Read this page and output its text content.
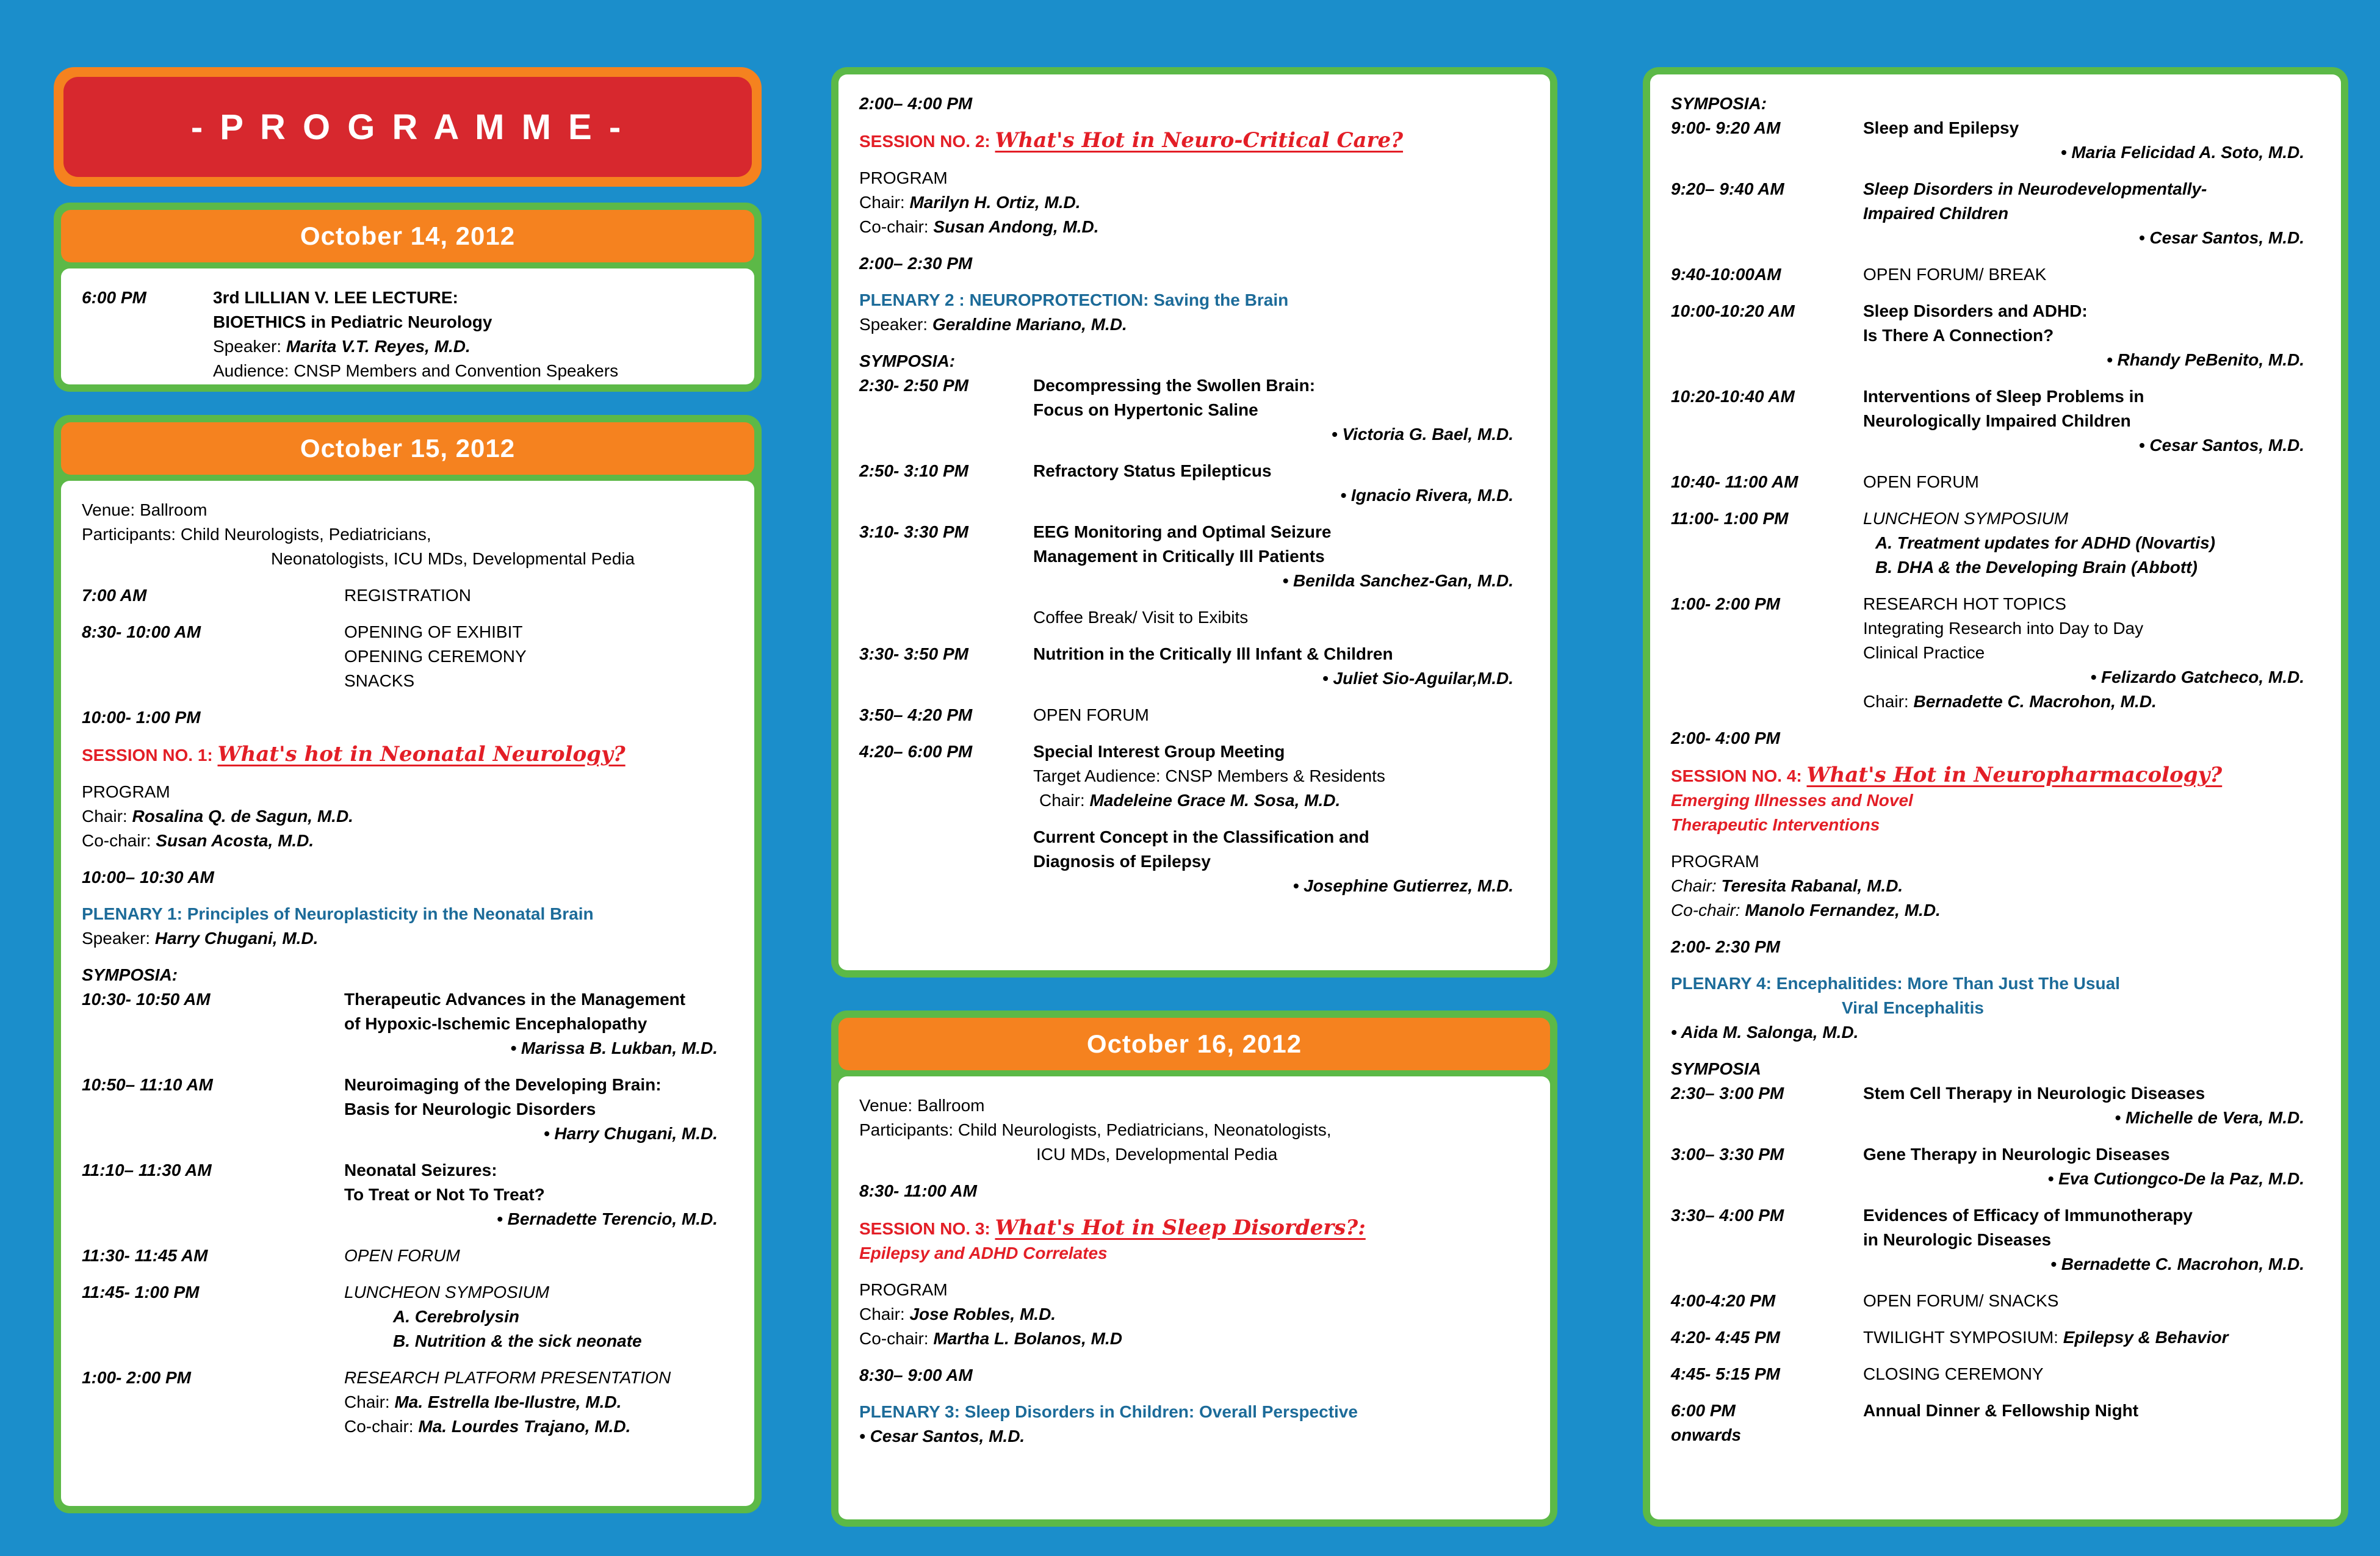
- P R O G R A M M E -
October 14, 2012
6:00 PM	3rd LILLIAN V. LEE LECTURE:
BIOETHICS in Pediatric Neurology
Speaker: Marita V.T. Reyes, M.D.
Audience: CNSP Members and Convention Speakers
October 15, 2012
Venue: Ballroom
Participants: Child Neurologists, Pediatricians,
Neonatologists, ICU MDs, Developmental Pedia
7:00 AM	REGISTRATION
8:30- 10:00 AM	OPENING OF EXHIBIT
OPENING CEREMONY
SNACKS
10:00- 1:00 PM
SESSION NO. 1: What's hot in Neonatal Neurology?
PROGRAM
Chair: Rosalina Q. de Sagun, M.D.
Co-chair: Susan Acosta, M.D.
10:00– 10:30 AM
PLENARY 1: Principles of Neuroplasticity in the Neonatal Brain
Speaker: Harry Chugani, M.D.
SYMPOSIA:
10:30- 10:50 AM	Therapeutic Advances in the Management
of Hypoxic-Ischemic Encephalopathy
• Marissa B. Lukban, M.D.
10:50– 11:10 AM	Neuroimaging of the Developing Brain:
Basis for Neurologic Disorders
• Harry Chugani, M.D.
11:10– 11:30 AM	Neonatal Seizures:
To Treat or Not To Treat?
• Bernadette Terencio, M.D.
11:30- 11:45 AM	OPEN FORUM
11:45- 1:00 PM	LUNCHEON SYMPOSIUM
A. Cerebrolysin
B. Nutrition & the sick neonate
1:00- 2:00 PM	RESEARCH PLATFORM PRESENTATION
Chair: Ma. Estrella Ibe-Ilustre, M.D.
Co-chair: Ma. Lourdes Trajano, M.D.
2:00– 4:00 PM
SESSION NO. 2: What's Hot in Neuro-Critical Care?
PROGRAM
Chair: Marilyn H. Ortiz, M.D.
Co-chair: Susan Andong, M.D.
2:00– 2:30 PM
PLENARY 2 : NEUROPROTECTION: Saving the Brain
Speaker: Geraldine Mariano, M.D.
SYMPOSIA:
2:30- 2:50 PM	Decompressing the Swollen Brain:
Focus on Hypertonic Saline
• Victoria G. Bael, M.D.
2:50- 3:10 PM	Refractory Status Epilepticus
• Ignacio Rivera, M.D.
3:10- 3:30 PM	EEG Monitoring and Optimal Seizure
Management in Critically Ill Patients
• Benilda Sanchez-Gan, M.D.
Coffee Break/ Visit to Exibits
3:30- 3:50 PM	Nutrition in the Critically Ill Infant & Children
• Juliet Sio-Aguilar,M.D.
3:50– 4:20 PM	OPEN FORUM
4:20– 6:00 PM	Special Interest Group Meeting
Target Audience: CNSP Members & Residents
Chair: Madeleine Grace M. Sosa, M.D.
Current Concept in the Classification and
Diagnosis of Epilepsy
• Josephine Gutierrez, M.D.
October 16, 2012
Venue: Ballroom
Participants: Child Neurologists, Pediatricians, Neonatologists,
ICU MDs, Developmental Pedia
8:30- 11:00 AM
SESSION NO. 3: What's Hot in Sleep Disorders?:
Epilepsy and ADHD Correlates
PROGRAM
Chair: Jose Robles, M.D.
Co-chair: Martha L. Bolanos, M.D
8:30– 9:00 AM
PLENARY 3: Sleep Disorders in Children: Overall Perspective
• Cesar Santos, M.D.
SYMPOSIA:
9:00- 9:20 AM	Sleep and Epilepsy
• Maria Felicidad A. Soto, M.D.
9:20– 9:40 AM	Sleep Disorders in Neurodevelopmentally-
Impaired Children
• Cesar Santos, M.D.
9:40-10:00AM	OPEN FORUM/ BREAK
10:00-10:20 AM	Sleep Disorders and ADHD:
Is There A Connection?
• Rhandy PeBenito, M.D.
10:20-10:40 AM	Interventions of Sleep Problems in
Neurologically Impaired Children
• Cesar Santos, M.D.
10:40- 11:00 AM	OPEN FORUM
11:00- 1:00 PM	LUNCHEON SYMPOSIUM
A. Treatment updates for ADHD (Novartis)
B. DHA & the Developing Brain (Abbott)
1:00- 2:00 PM	RESEARCH HOT TOPICS
Integrating Research into Day to Day
Clinical Practice
• Felizardo Gatcheco, M.D.
Chair: Bernadette C. Macrohon, M.D.
2:00- 4:00 PM
SESSION NO. 4: What's Hot in Neuropharmacology?
Emerging Illnesses and Novel
Therapeutic Interventions
PROGRAM
Chair: Teresita Rabanal, M.D.
Co-chair: Manolo Fernandez, M.D.
2:00- 2:30 PM
PLENARY 4: Encephalitides: More Than Just The Usual
Viral Encephalitis
• Aida M. Salonga, M.D.
SYMPOSIA
2:30– 3:00 PM	Stem Cell Therapy in Neurologic Diseases
• Michelle de Vera, M.D.
3:00– 3:30 PM	Gene Therapy in Neurologic Diseases
• Eva Cutiongco-De la Paz, M.D.
3:30– 4:00 PM	Evidences of Efficacy of Immunotherapy
in Neurologic Diseases
• Bernadette C. Macrohon, M.D.
4:00-4:20 PM	OPEN FORUM/ SNACKS
4:20- 4:45 PM	TWILIGHT SYMPOSIUM: Epilepsy & Behavior
4:45- 5:15 PM	CLOSING CEREMONY
6:00 PM	Annual Dinner & Fellowship Night
onwards
